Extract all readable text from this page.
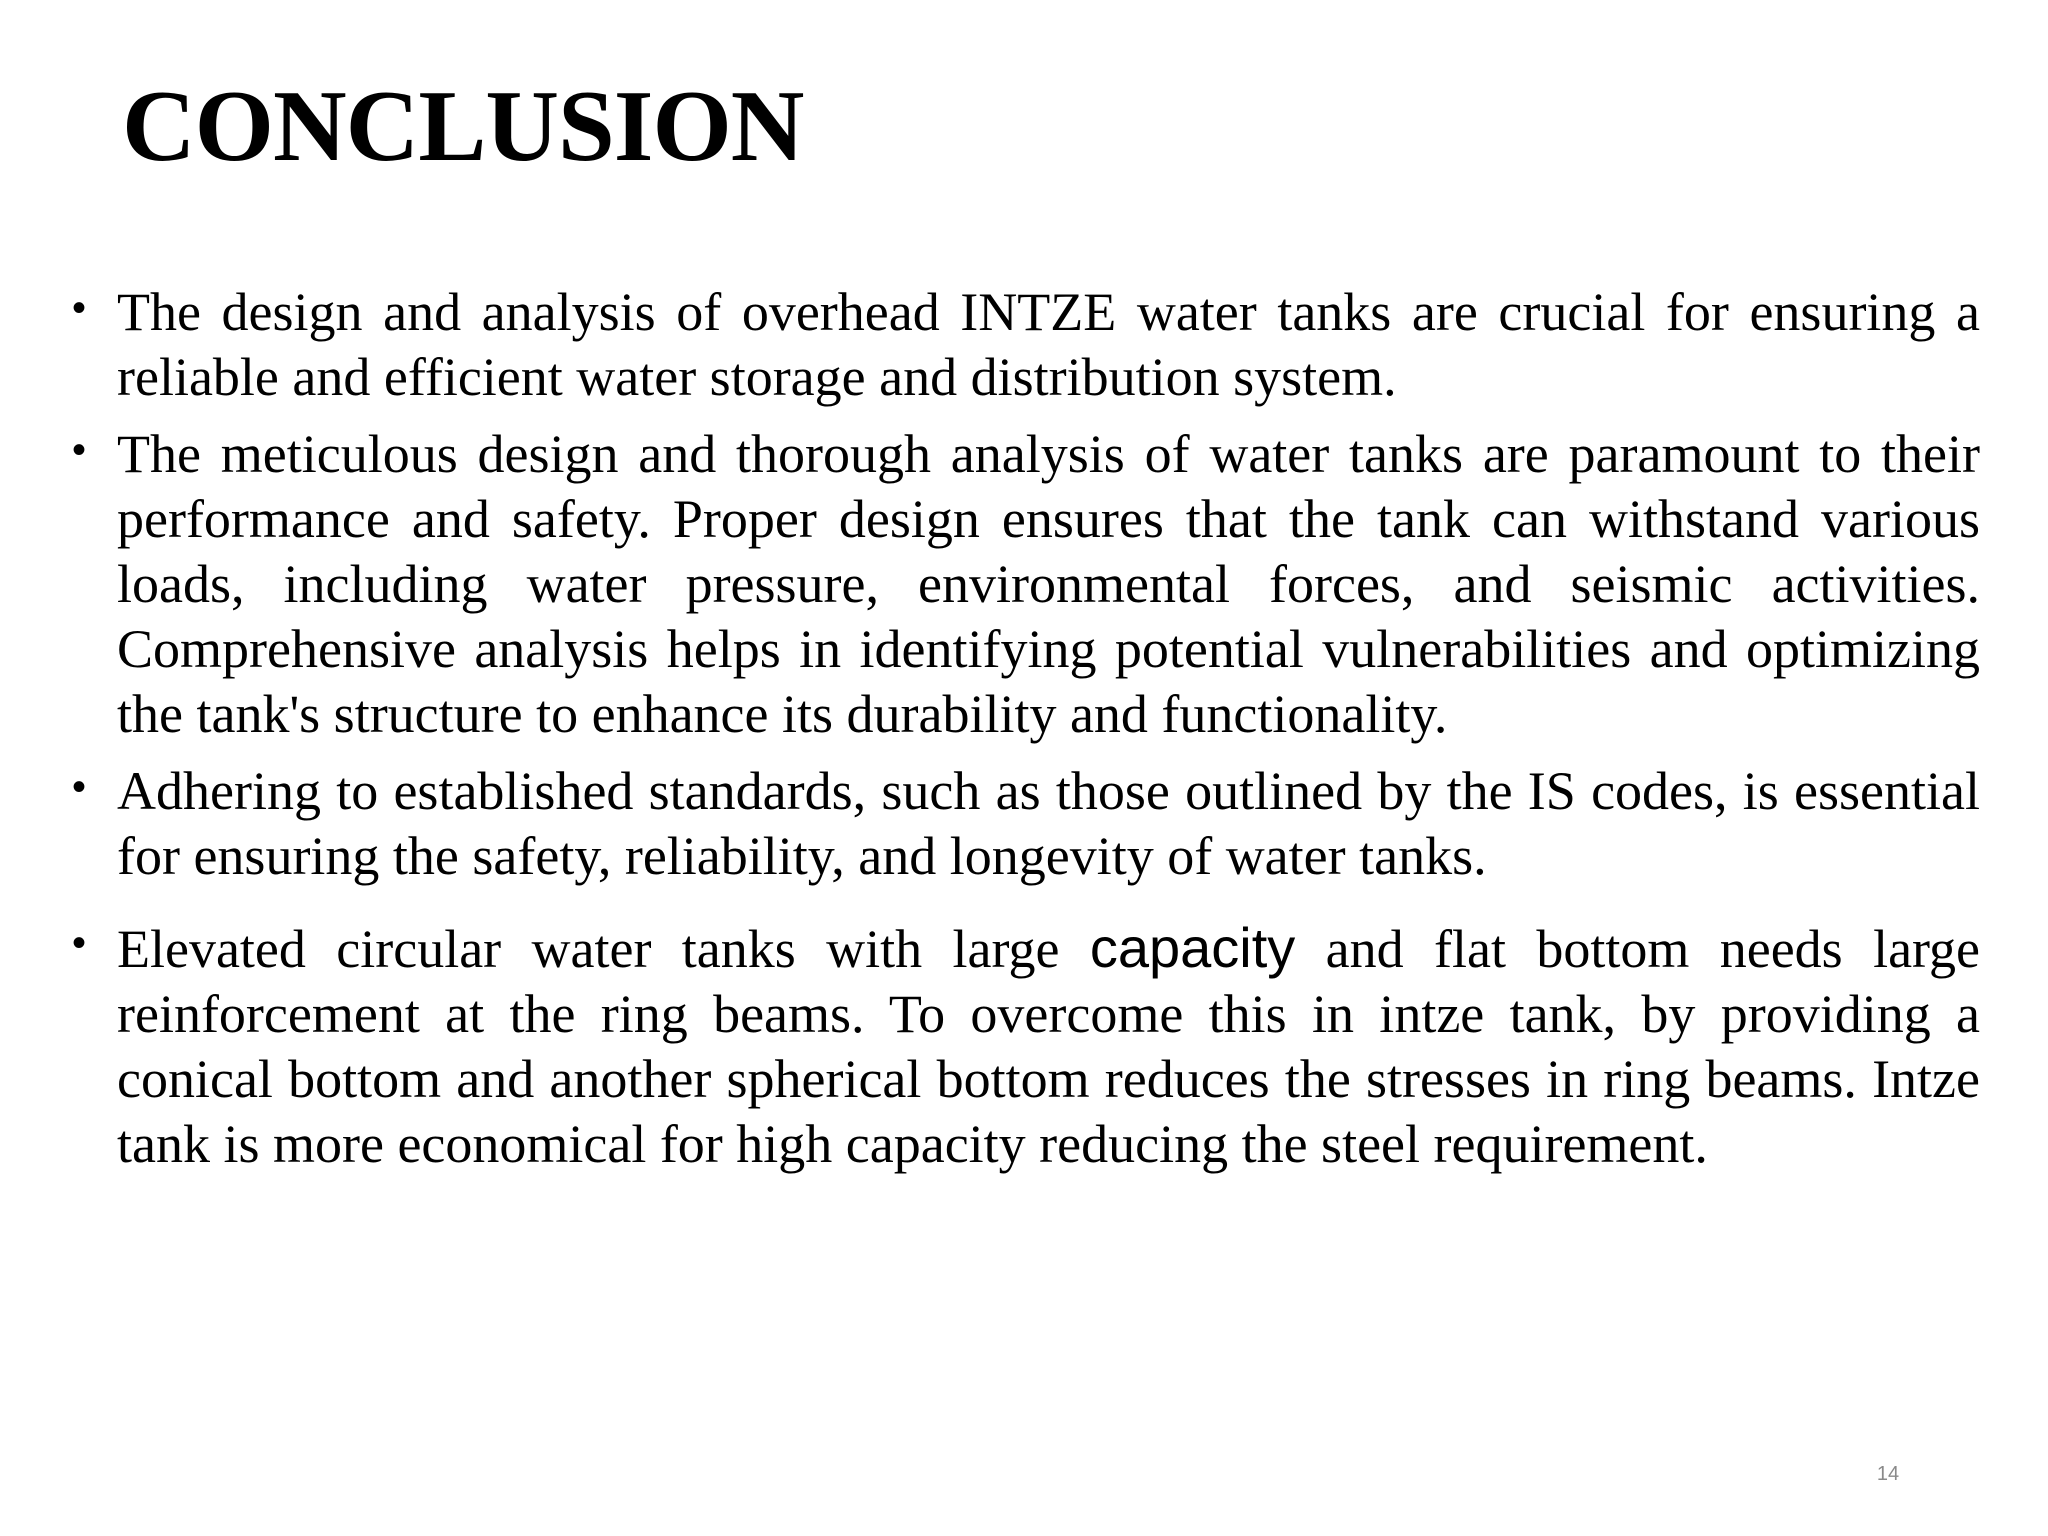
CONCLUSION
• The design and analysis of overhead INTZE water tanks are crucial for ensuring a reliable and efficient water storage and distribution system.
• The meticulous design and thorough analysis of water tanks are paramount to their performance and safety. Proper design ensures that the tank can withstand various loads, including water pressure, environmental forces, and seismic activities. Comprehensive analysis helps in identifying potential vulnerabilities and optimizing the tank's structure to enhance its durability and functionality.
• Adhering to established standards, such as those outlined by the IS codes, is essential for ensuring the safety, reliability, and longevity of water tanks.
• Elevated circular water tanks with large capacity and flat bottom needs large reinforcement at the ring beams. To overcome this in intze tank, by providing a conical bottom and another spherical bottom reduces the stresses in ring beams. Intze tank is more economical for high capacity reducing the steel requirement.
14
